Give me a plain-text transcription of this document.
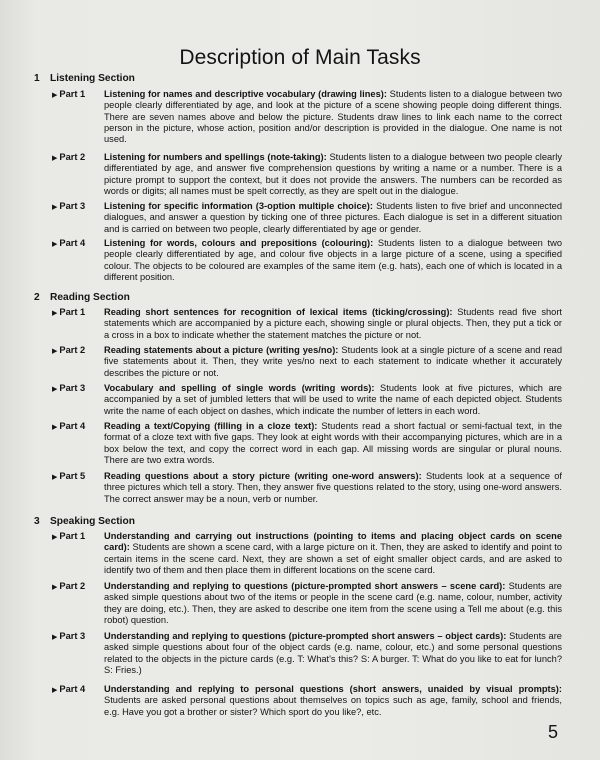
Description of Main Tasks
1 Listening Section
▶ Part 1	Listening for names and descriptive vocabulary (drawing lines): Students listen to a dialogue between two people clearly differentiated by age, and look at the picture of a scene showing people doing different things. There are seven names above and below the picture. Students draw lines to link each name to the correct person in the picture, whose action, position and/or description is provided in the dialogue. One name is not used.
▶ Part 2	Listening for numbers and spellings (note-taking): Students listen to a dialogue between two people clearly differentiated by age, and answer five comprehension questions by writing a name or a number. There is a picture prompt to support the context, but it does not provide the answers. The numbers can be recorded as words or digits; all names must be spelt correctly, as they are spelt out in the dialogue.
▶ Part 3	Listening for specific information (3-option multiple choice): Students listen to five brief and unconnected dialogues, and answer a question by ticking one of three pictures. Each dialogue is set in a different situation and is carried on between two people, clearly differentiated by age or gender.
▶ Part 4	Listening for words, colours and prepositions (colouring): Students listen to a dialogue between two people clearly differentiated by age, and colour five objects in a large picture of a scene, using a specified colour. The objects to be coloured are examples of the same item (e.g. hats), each one of which is located in a different position.
2 Reading Section
▶ Part 1	Reading short sentences for recognition of lexical items (ticking/crossing): Students read five short statements which are accompanied by a picture each, showing single or plural objects. Then, they put a tick or a cross in a box to indicate whether the statement matches the picture or not.
▶ Part 2	Reading statements about a picture (writing yes/no): Students look at a single picture of a scene and read five statements about it. Then, they write yes/no next to each statement to indicate whether it accurately describes the picture or not.
▶ Part 3	Vocabulary and spelling of single words (writing words): Students look at five pictures, which are accompanied by a set of jumbled letters that will be used to write the name of each depicted object. Students write the name of each object on dashes, which indicate the number of letters in each word.
▶ Part 4	Reading a text/Copying (filling in a cloze text): Students read a short factual or semi-factual text, in the format of a cloze text with five gaps. They look at eight words with their accompanying pictures, which are in a box below the text, and copy the correct word in each gap. All missing words are singular or plural nouns. There are two extra words.
▶ Part 5	Reading questions about a story picture (writing one-word answers): Students look at a sequence of three pictures which tell a story. Then, they answer five questions related to the story, using one-word answers. The correct answer may be a noun, verb or number.
3 Speaking Section
▶ Part 1	Understanding and carrying out instructions (pointing to items and placing object cards on scene card): Students are shown a scene card, with a large picture on it. Then, they are asked to identify and point to certain items in the scene card. Next, they are shown a set of eight smaller object cards, and are asked to identify two of them and then place them in different locations on the scene card.
▶ Part 2	Understanding and replying to questions (picture-prompted short answers – scene card): Students are asked simple questions about two of the items or people in the scene card (e.g. name, colour, number, activity they are doing, etc.). Then, they are asked to describe one item from the scene using a Tell me about (e.g. this robot) question.
▶ Part 3	Understanding and replying to questions (picture-prompted short answers – object cards): Students are asked simple questions about four of the object cards (e.g. name, colour, etc.) and some personal questions related to the objects in the picture cards (e.g. T: What's this? S: A burger. T: What do you like to eat for lunch? S: Fries.)
▶ Part 4	Understanding and replying to personal questions (short answers, unaided by visual prompts): Students are asked personal questions about themselves on topics such as age, family, school and friends, e.g. Have you got a brother or sister? Which sport do you like?, etc.
5
